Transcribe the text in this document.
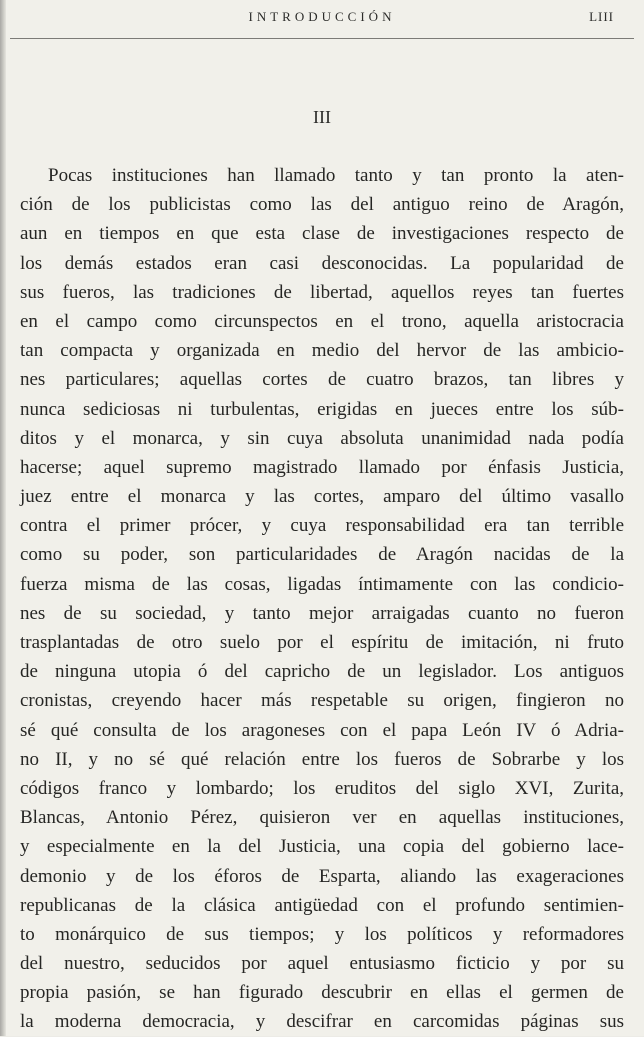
INTRODUCCIÓN	LIII
III
Pocas instituciones han llamado tanto y tan pronto la aten-
ción de los publicistas como las del antiguo reino de Aragón,
aun en tiempos en que esta clase de investigaciones respecto de
los demás estados eran casi desconocidas. La popularidad de
sus fueros, las tradiciones de libertad, aquellos reyes tan fuertes
en el campo como circunspectos en el trono, aquella aristocracia
tan compacta y organizada en medio del hervor de las ambicio-
nes particulares; aquellas cortes de cuatro brazos, tan libres y
nunca sediciosas ni turbulentas, erigidas en jueces entre los súb-
ditos y el monarca, y sin cuya absoluta unanimidad nada podía
hacerse; aquel supremo magistrado llamado por énfasis Justicia,
juez entre el monarca y las cortes, amparo del último vasallo
contra el primer prócer, y cuya responsabilidad era tan terrible
como su poder, son particularidades de Aragón nacidas de la
fuerza misma de las cosas, ligadas íntimamente con las condicio-
nes de su sociedad, y tanto mejor arraigadas cuanto no fueron
trasplantadas de otro suelo por el espíritu de imitación, ni fruto
de ninguna utopia ó del capricho de un legislador. Los antiguos
cronistas, creyendo hacer más respetable su origen, fingieron no
sé qué consulta de los aragoneses con el papa León IV ó Adria-
no II, y no sé qué relación entre los fueros de Sobrarbe y los
códigos franco y lombardo; los eruditos del siglo XVI, Zurita,
Blancas, Antonio Pérez, quisieron ver en aquellas instituciones,
y especialmente en la del Justicia, una copia del gobierno lace-
demonio y de los éforos de Esparta, aliando las exageraciones
republicanas de la clásica antigüedad con el profundo sentimien-
to monárquico de sus tiempos; y los políticos y reformadores
del nuestro, seducidos por aquel entusiasmo ficticio y por su
propia pasión, se han figurado descubrir en ellas el germen de
la moderna democracia, y descifrar en carcomidas páginas sus
